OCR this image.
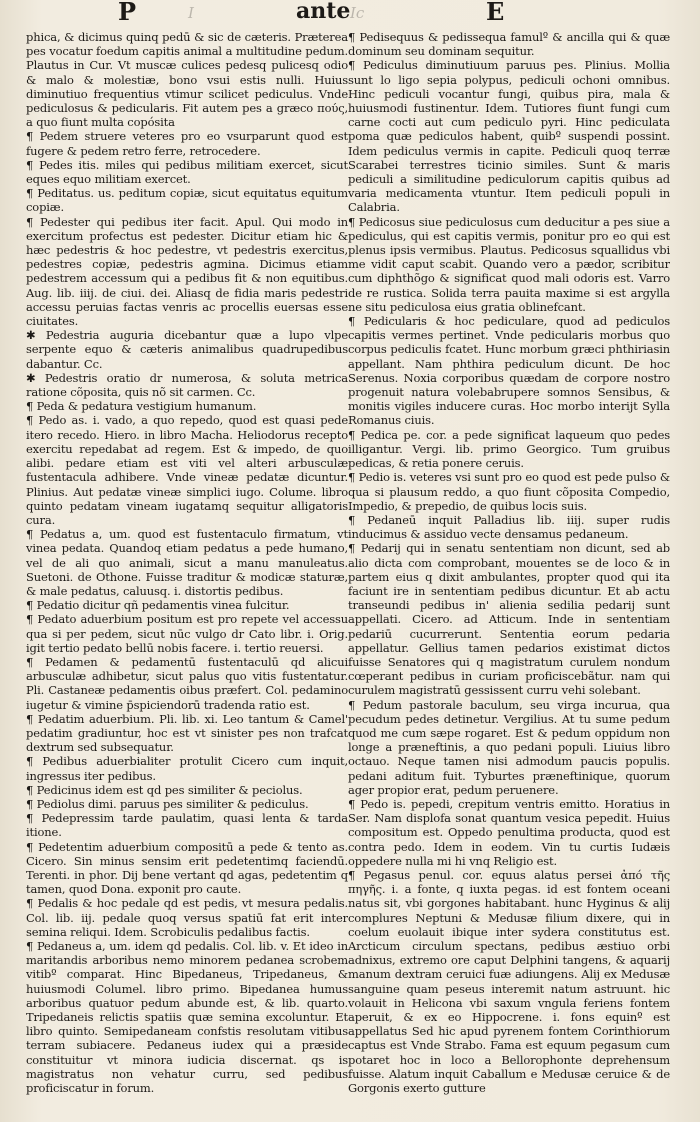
P	I	ante Ic	E

phica, & dicimus quinq pedū & sic de cæteris. Præterea pes vocatur foedum capitis animal a multitudine pedum. Plautus in Cur. Vt muscæ culices pedesq pulicesq odio & malo & molestiæ, bono vsui estis nulli. Huius diminutiuo frequentius vtimur scilicet pediculus. Vnde pediculosus & pedicularis. Fit autem pes a græco πούς, a quo fiunt multa copósita

¶ Pedem struere veteres pro eo vsurparunt quod est fugere & pedem retro ferre, retrocedere.

¶ Pedes itis. miles qui pedibus militiam exercet, sicut eques equo militiam exercet.

¶ Peditatus. us. peditum copiæ, sicut equitatus equitum copiæ.

¶ Pedester qui pedibus iter facit. Apul. Qui modo in exercitum profectus est pedester. Dicitur etiam hic & hæc pedestris & hoc pedestre, vt pedestris exercitus, pedestres copiæ, pedestris agmina. Dicimus etiam pedestrem accessum qui a pedibus fit & non equitibus. Aug. lib. iiij. de ciui. dei. Aliasq de fidia maris pedestri accessu peruias factas venris ac procellis euersas esse ciuitates.

✱ Pedestria auguria dicebantur quæ a lupo vlpe serpente equo & cæteris animalibus quadrupedibus dabantur. Cc.

✱ Pedestris oratio dr numerosa, & soluta metrica ratione cõposita, quis nõ sit carmen. Cc.

¶ Peda & pedatura vestigium humanum.

¶ Pedo as. i. vado, a quo repedo, quod est quasi pede itero recedo. Hiero. in libro Macha. Heliodorus recepto exercitu repedabat ad regem. Est & impedo, de quo alibi. pedare etiam est viti vel alteri arbusculæ fustentacula adhibere. Vnde vineæ pedatæ dicuntur. Plinius. Aut pedatæ vineæ simplici iugo. Colume. libro quinto pedatam vineam iugatamq sequitur alligatoris cura.

¶ Pedatus a, um. quod est fustentaculo firmatum, vt vinea pedata. Quandoq etiam pedatus a pede humano, vel de ali quo animali, sicut a manu manuleatus. Suetoni. de Othone. Fuisse traditur & modicæ staturæ, & male pedatus, caluusq. i. distortis pedibus.

¶ Pedatio dicitur qñ pedamentis vinea fulcitur.

¶ Pedato aduerbium positum est pro repete vel accessu qua si per pedem, sicut nūc vulgo dr Cato libr. i. Orig. igit tertio pedato bellū nobis facere. i. tertio reuersi.

¶ Pedamen & pedamentū fustentaculū qd alicui arbusculæ adhibetur, sicut palus quo vitis fustentatur. Pli. Castaneæ pedamentis oibus præfert. Col. pedamino iugetur & vimine p̄spiciendorū tradenda ratio est.

¶ Pedatim aduerbium. Pli. lib. xi. Leo tantum & Camel' pedatim gradiuntur, hoc est vt sinister pes non trafcat dextrum sed subsequatur.

¶ Pedibus aduerbialiter protulit Cicero cum inquit, ingressus iter pedibus.

¶ Pedicinus idem est qd pes similiter & peciolus.

¶ Pediolus dimi. paruus pes similiter & pediculus.

¶ Pedepressim tarde paulatim, quasi lenta & tarda itione.

¶ Pedetentim aduerbium compositū a pede & tento as. Cicero. Sin minus sensim erit pedetentimq faciendū. Terenti. in phor. Dij bene vertant qd agas, pedetentim q tamen, quod Dona. exponit pro caute.

¶ Pedalis & hoc pedale qd est pedis, vt mesura pedalis. Col. lib. iij. pedale quoq versus spatiū fat erit inter semina reliqui. Idem. Scrobiculis pedalibus factis.

¶ Pedaneus a, um. idem qd pedalis. Col. lib. v. Et ideo in maritandis arboribus nemo minorem pedanea scrobem vitibº comparat. Hinc Bipedaneus, Tripedaneus, & huiusmodi Columel. libro primo. Bipedanea humus arboribus quatuor pedum abunde est, & lib. quarto. Tripedaneis relictis spatiis quæ semina excoluntur. Et libro quinto. Semipedaneam confstis resolutam vitibus terram subiacere. Pedaneus iudex qui a præside constituitur vt minora iudicia discernat. qs is magistratus non vehatur curru, sed pedibus proficiscatur in forum.

¶ Pedisequus & pedissequa famulº & ancilla qui & quæ dominum seu dominam sequitur.

¶ Pediculus diminutiuum paruus pes. Plinius. Mollia sunt lo ligo sepia polypus, pediculi ochoni omnibus. Hinc pediculi vocantur fungi, quibus pira, mala & huiusmodi fustinentur. Idem. Tutiores fiunt fungi cum carne cocti aut cum pediculo pyri. Hinc pediculata poma quæ pediculos habent, quibº suspendi possint. Idem pediculus vermis in capite. Pediculi quoq terræ Scarabei terrestres ticinio similes. Sunt & maris pediculi a similitudine pediculorum capitis quibus ad varia medicamenta vtuntur. Item pediculi populi in Calabria.

¶ Pedicosus siue pediculosus cum deducitur a pes siue a pediculus, qui est capitis vermis, ponitur pro eo qui est plenus ipsis vermibus. Plautus. Pedicosus squallidus vbi me vidit caput scabit. Quando vero a pædor, scribitur cum diphthõgo & significat quod mali odoris est. Varro de re rustica. Solida terra pauita maxime si est argylla ne situ pediculosa eius gratia oblinefcant.

¶ Pedicularis & hoc pediculare, quod ad pediculos capitis vermes pertinet. Vnde pedicularis morbus quo corpus pediculis fcatet. Hunc morbum græci phthiriasin appellant. Nam phthira pediculum dicunt. De hoc Serenus. Noxia corporibus quædam de corpore nostro progenuit natura volebabrupere somnos Sensibus, & monitis vigiles inducere curas. Hoc morbo interijt Sylla Romanus ciuis.

¶ Pedica pe. cor. a pede significat laqueum quo pedes illigantur. Vergi. lib. primo Georgico. Tum gruibus pedicas, & retia ponere ceruis.

¶ Pedio is. veteres vsi sunt pro eo quod est pede pulso & qua si plausum reddo, a quo fiunt cõposita Compedio, Impedio, & prepedio, de quibus locis suis.

¶ Pedaneū inquit Palladius lib. iiij. super rudis inducimus & assiduo vecte densamus pedaneum.

¶ Pedarij qui in senatu sententiam non dicunt, sed ab alio dicta com comprobant, mouentes se de loco & in partem eius q dixit ambulantes, propter quod qui ita faciunt ire in sententiam pedibus dicuntur. Et ab actu transeundi pedibus in' alienia sedilia pedarij sunt appellati. Cicero. ad Atticum. Inde in sententiam pedariū cucurrerunt. Sententia eorum pedaria appellatur. Gellius tamen pedarios existimat dictos fuisse Senatores qui q magistratum curulem nondum cœperant pedibus in curiam proficiscebãtur. nam qui curulem magistratū gessissent curru vehi solebant.

¶ Pedum pastorale baculum, seu virga incurua, qua pecudum pedes detinetur. Vergilius. At tu sume pedum quod me cum sæpe rogaret. Est & pedum oppidum non longe a præneftinis, a quo pedani populi. Liuius libro octauo. Neque tamen nisi admodum paucis populis. pedani aditum fuit. Tyburtes præneftinique, quorum ager propior erat, pedum peruenere.

¶ Pedo is. pepedi, crepitum ventris emitto. Horatius in Ser. Nam displofa sonat quantum vesica pepedit. Huius compositum est. Oppedo penultima producta, quod est contra pedo. Idem in eodem. Vin tu curtis Iudæis oppedere nulla mi hi vnq Religio est.

¶ Pegasus penul. cor. equus alatus persei ἀπό τῆς πηγῆς. i. a fonte, q iuxta pegas. id est fontem oceani natus sit, vbi gorgones habitabant. hunc Hyginus & alij complures Neptuni & Medusæ filium dixere, qui in coelum euolauit ibique inter sydera constitutus est. Arcticum circulum spectans, pedibus æstiuo orbi adnixus, extremo ore caput Delphini tangens, & aquarij manum dextram ceruici fuæ adiungens. Alij ex Medusæ sanguine quam peseus interemit natum astruunt. hic volauit in Helicona vbi saxum vngula feriens fontem aperuit, & ex eo Hippocrene. i. fons equinº est appellatus Sed hic apud pyrenem fontem Corinthiorum captus est Vnde Strabo. Fama est equum pegasum cum potaret hoc in loco a Bellorophonte deprehensum fuisse. Alatum inquit Caballum e Medusæ ceruice & de Gorgonis exerto gutture
